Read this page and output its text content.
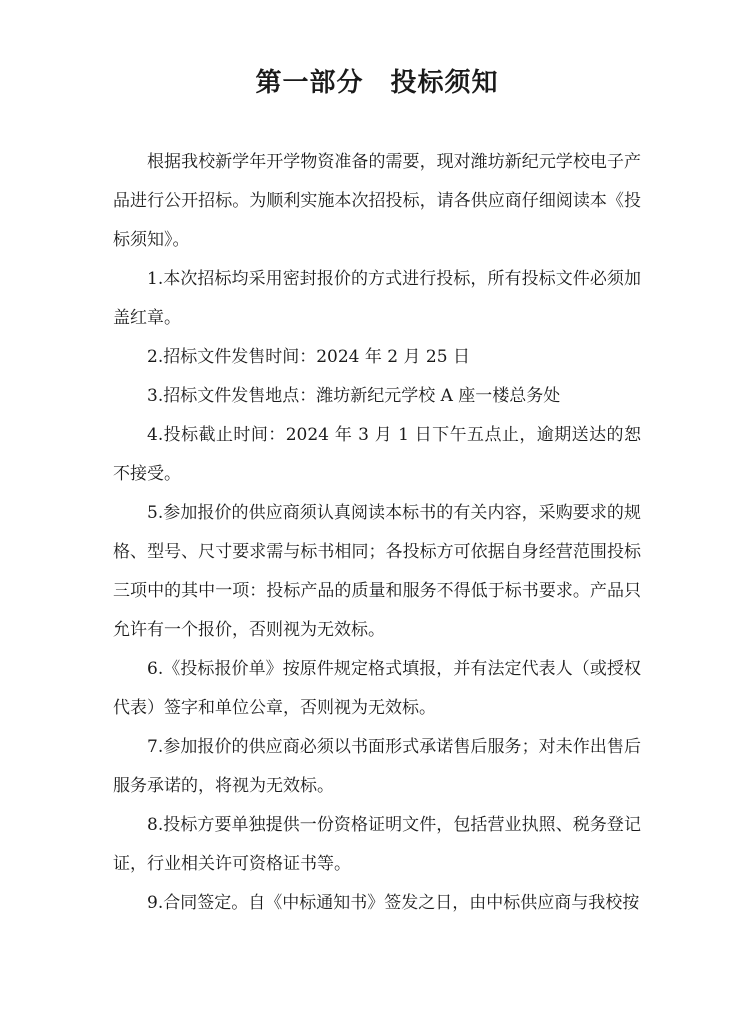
第一部分　投标须知

根据我校新学年开学物资准备的需要，现对潍坊新纪元学校电子产品进行公开招标。为顺利实施本次招投标，请各供应商仔细阅读本《投标须知》。

1.本次招标均采用密封报价的方式进行投标，所有投标文件必须加盖红章。

2.招标文件发售时间：2024 年 2 月 25 日

3.招标文件发售地点：潍坊新纪元学校 A 座一楼总务处

4.投标截止时间：2024 年 3 月 1 日下午五点止，逾期送达的恕不接受。

5.参加报价的供应商须认真阅读本标书的有关内容，采购要求的规格、型号、尺寸要求需与标书相同；各投标方可依据自身经营范围投标三项中的其中一项：投标产品的质量和服务不得低于标书要求。产品只允许有一个报价，否则视为无效标。

6.《投标报价单》按原件规定格式填报，并有法定代表人（或授权代表）签字和单位公章，否则视为无效标。

7.参加报价的供应商必须以书面形式承诺售后服务；对未作出售后服务承诺的，将视为无效标。

8.投标方要单独提供一份资格证明文件，包括营业执照、税务登记证，行业相关许可资格证书等。

9.合同签定。自《中标通知书》签发之日，由中标供应商与我校按
